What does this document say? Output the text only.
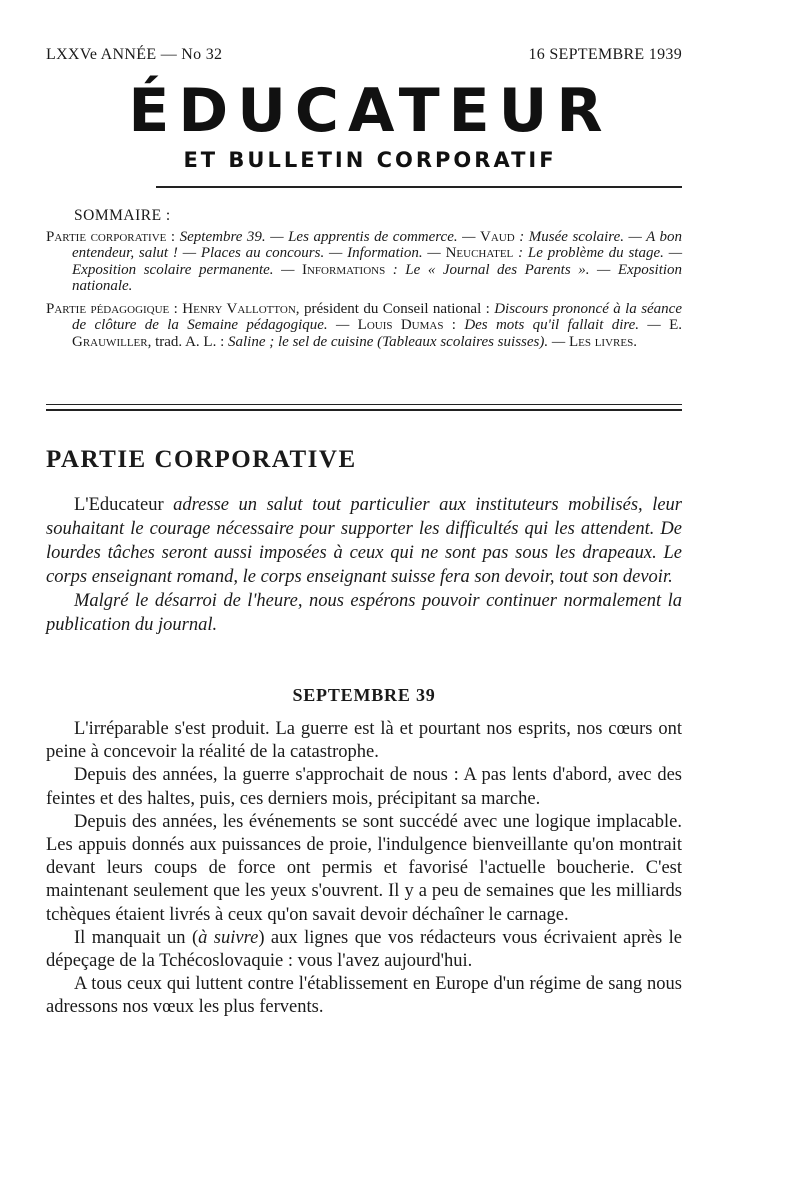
LXXVe ANNÉE — No 32	16 SEPTEMBRE 1939
ÉDUCATEUR
ET BULLETIN CORPORATIF
SOMMAIRE :
Partie corporative : Septembre 39. — Les apprentis de commerce. — Vaud : Musée scolaire. — A bon entendeur, salut ! — Places au concours. — Information. — Neuchatel : Le problème du stage. — Exposition scolaire permanente. — Informations : Le « Journal des Parents ». — Exposition nationale.
Partie pédagogique : Henry Vallotton, président du Conseil national : Discours prononcé à la séance de clôture de la Semaine pédagogique. — Louis Dumas : Des mots qu'il fallait dire. — E. Grauwiller, trad. A. L. : Saline ; le sel de cuisine (Tableaux scolaires suisses). — Les livres.
PARTIE CORPORATIVE

L'Educateur adresse un salut tout particulier aux instituteurs mobilisés, leur souhaitant le courage nécessaire pour supporter les difficultés qui les attendent. De lourdes tâches seront aussi imposées à ceux qui ne sont pas sous les drapeaux. Le corps enseignant romand, le corps enseignant suisse fera son devoir, tout son devoir.

Malgré le désarroi de l'heure, nous espérons pouvoir continuer normalement la publication du journal.

SEPTEMBRE 39

L'irréparable s'est produit. La guerre est là et pourtant nos esprits, nos cœurs ont peine à concevoir la réalité de la catastrophe.

Depuis des années, la guerre s'approchait de nous : A pas lents d'abord, avec des feintes et des haltes, puis, ces derniers mois, précipitant sa marche.

Depuis des années, les événements se sont succédé avec une logique implacable. Les appuis donnés aux puissances de proie, l'indulgence bienveillante qu'on montrait devant leurs coups de force ont permis et favorisé l'actuelle boucherie. C'est maintenant seulement que les yeux s'ouvrent. Il y a peu de semaines que les milliards tchèques étaient livrés à ceux qu'on savait devoir déchaîner le carnage.

Il manquait un (à suivre) aux lignes que vos rédacteurs vous écrivaient après le dépeçage de la Tchécoslovaquie : vous l'avez aujourd'hui.

A tous ceux qui luttent contre l'établissement en Europe d'un régime de sang nous adressons nos vœux les plus fervents.
